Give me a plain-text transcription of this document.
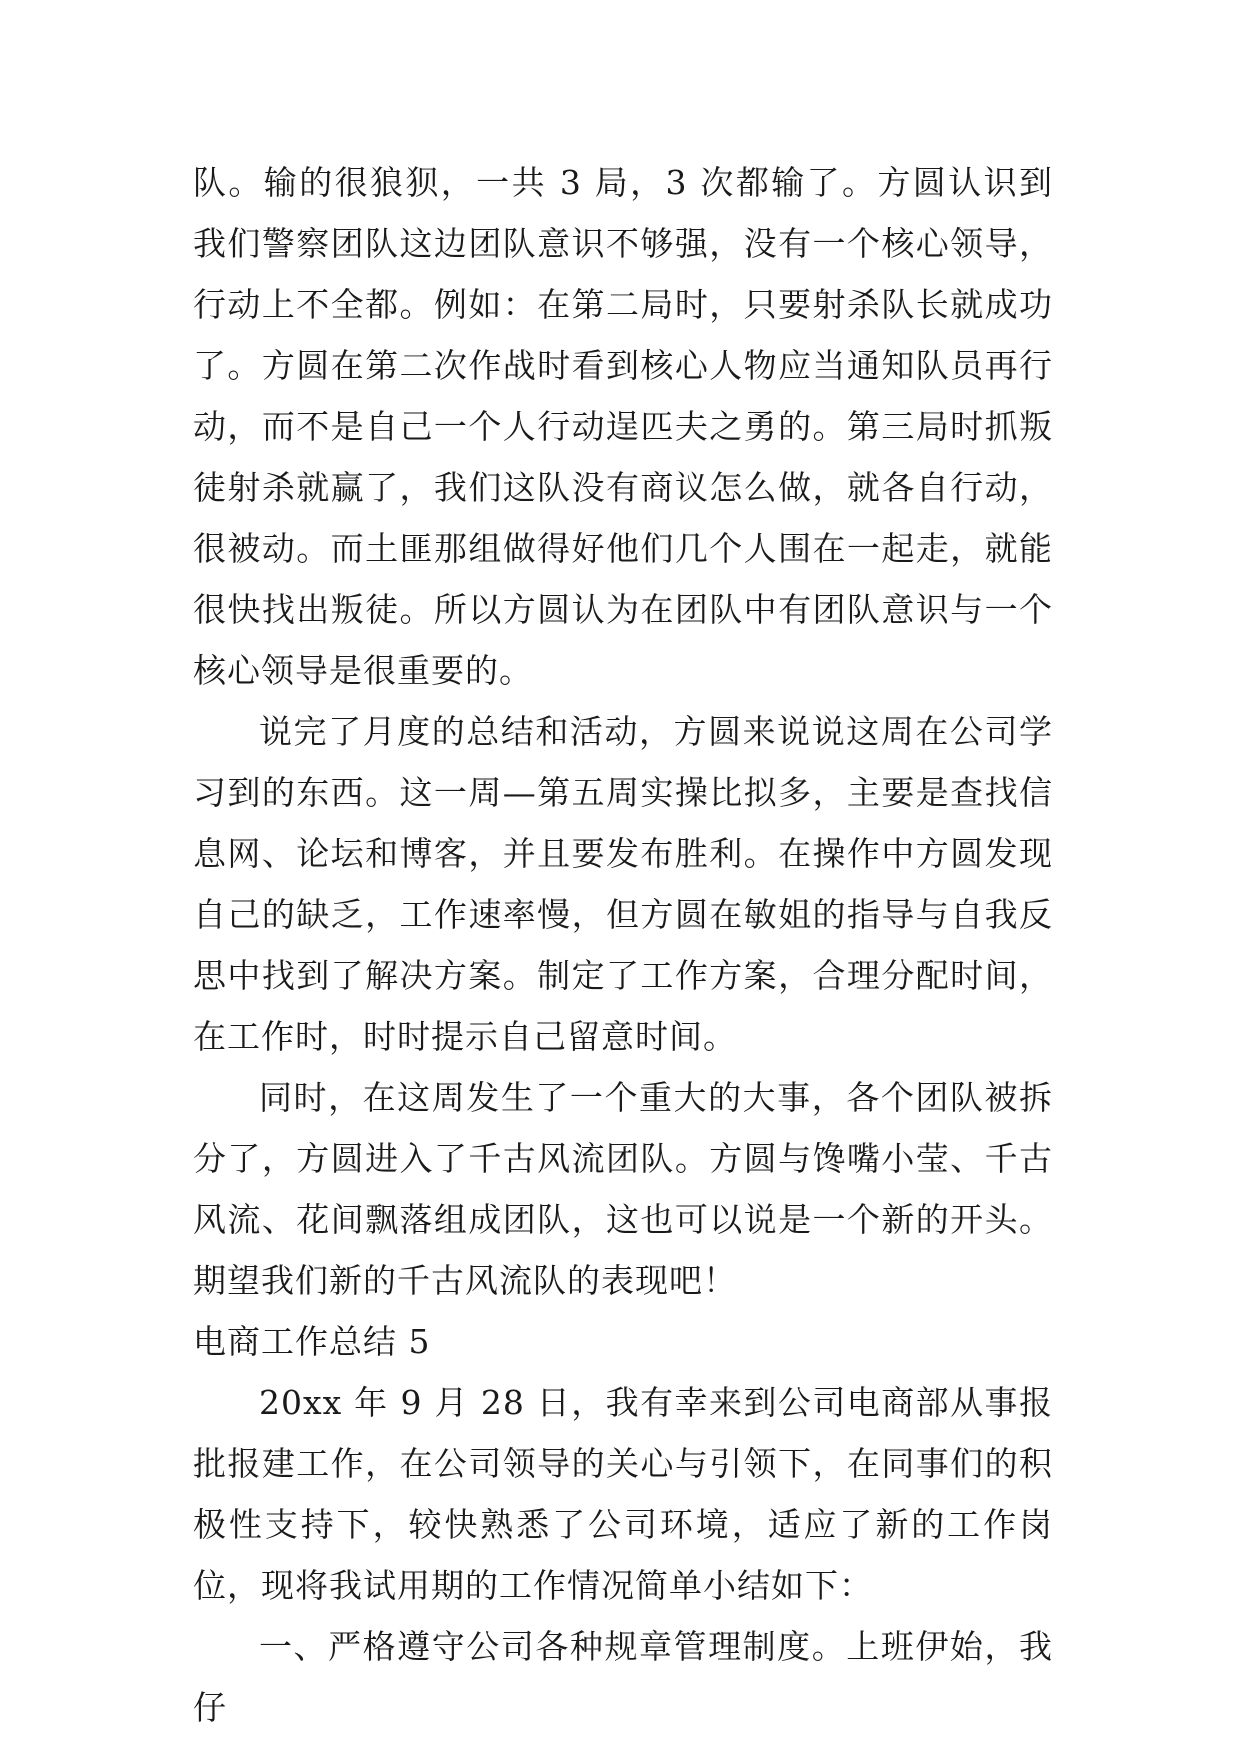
队。输的很狼狈，一共 3 局，3 次都输了。方圆认识到我们警察团队这边团队意识不够强，没有一个核心领导，行动上不全都。例如：在第二局时，只要射杀队长就成功了。方圆在第二次作战时看到核心人物应当通知队员再行动，而不是自己一个人行动逞匹夫之勇的。第三局时抓叛徒射杀就赢了，我们这队没有商议怎么做，就各自行动，很被动。而土匪那组做得好他们几个人围在一起走，就能很快找出叛徒。所以方圆认为在团队中有团队意识与一个核心领导是很重要的。

说完了月度的总结和活动，方圆来说说这周在公司学习到的东西。这一周—第五周实操比拟多，主要是查找信息网、论坛和博客，并且要发布胜利。在操作中方圆发现自己的缺乏，工作速率慢，但方圆在敏姐的指导与自我反思中找到了解决方案。制定了工作方案，合理分配时间，在工作时，时时提示自己留意时间。

同时，在这周发生了一个重大的大事，各个团队被拆分了，方圆进入了千古风流团队。方圆与馋嘴小莹、千古风流、花间飘落组成团队，这也可以说是一个新的开头。期望我们新的千古风流队的表现吧！

电商工作总结 5

20xx 年 9 月 28 日，我有幸来到公司电商部从事报批报建工作，在公司领导的关心与引领下，在同事们的积极性支持下，较快熟悉了公司环境，适应了新的工作岗位，现将我试用期的工作情况简单小结如下：

一、严格遵守公司各种规章管理制度。上班伊始，我仔
